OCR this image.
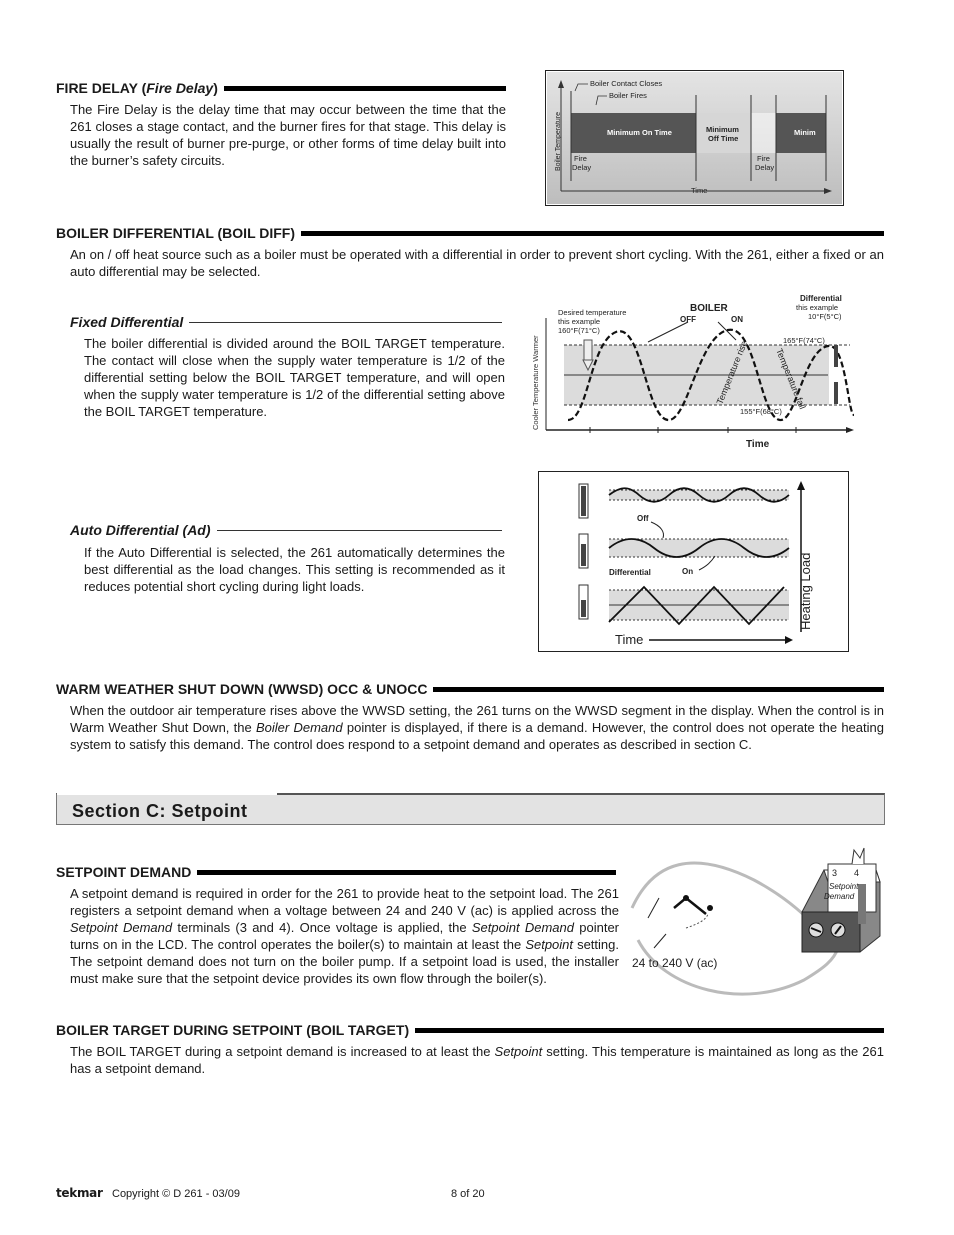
FIRE DELAY ( Fire Delay )
The Fire Delay is the delay time that may occur between the time that the 261 closes a stage contact, and the burner fires for that stage. This delay is usually the result of burner pre-purge, or other forms of time delay built into the burner’s safety circuits.
Boiler Contact Closes
Boiler Fires
Boiler Temperature	Minimum On Time	Minimum
Off Time
Minim
Fire
Delay
Fire
Delay
Time
BOILER DIFFERENTIAL (BOIL DIFF)
An on / off heat source such as a boiler must be operated with a differential in order to prevent short cycling. With the 261, either a fixed or an auto differential may be selected.
Fixed Differential
The boiler differential is divided around the BOIL TARGET temperature. The contact will close when the supply water temperature is 1/2 of the differential setting below the BOIL TARGET temperature, and will open when the supply water temperature is 1/2 of the differential setting above the BOIL TARGET temperature.	Cooler Temperature Warmer
Desired temperature
this example
160°F(71°C)
BOILER
OFF	ON
Differential
this example
10°F(5°C)
165°F(74°C)
155°F(68°C)
Temperature rise	Temperature fall
Time
Auto Differential (Ad)
If the Auto Differential is selected, the 261 automatically determines the best differential as the load changes. This setting is recommended as it reduces potential short cycling during light loads.
Off
Differential	On	Heating Load
Time
WARM WEATHER SHUT DOWN (WWSD) OCC & UNOCC
When the outdoor air temperature rises above the WWSD setting, the 261 turns on the WWSD segment in the display. When the control is in Warm Weather Shut Down, the Boiler Demand pointer is displayed, if there is a demand. However, the control does not operate the heating system to satisfy this demand. The control does respond to a setpoint demand and operates as described in section C.
Section C: Setpoint
SETPOINT DEMAND
A setpoint demand is required in order for the 261 to provide heat to the setpoint load. The 261 registers a setpoint demand when a voltage between 24 and 240 V (ac) is applied across the Setpoint Demand terminals (3 and 4). Once voltage is applied, the Setpoint Demand pointer turns on in the LCD. The control operates the boiler(s) to maintain at least the Setpoint setting. The setpoint demand does not turn on the boiler pump. If a setpoint load is used, the installer must make sure that the setpoint device provides its own flow through the boiler(s).
3 4
Setpoint
Demand
24 to 240 V (ac)
BOILER TARGET DURING SETPOINT (BOIL TARGET)
The BOIL TARGET during a setpoint demand is increased to at least the Setpoint setting. This temperature is maintained as long as the 261 has a setpoint demand.
tekmar Copyright © D 261 - 03/09	8 of 20
